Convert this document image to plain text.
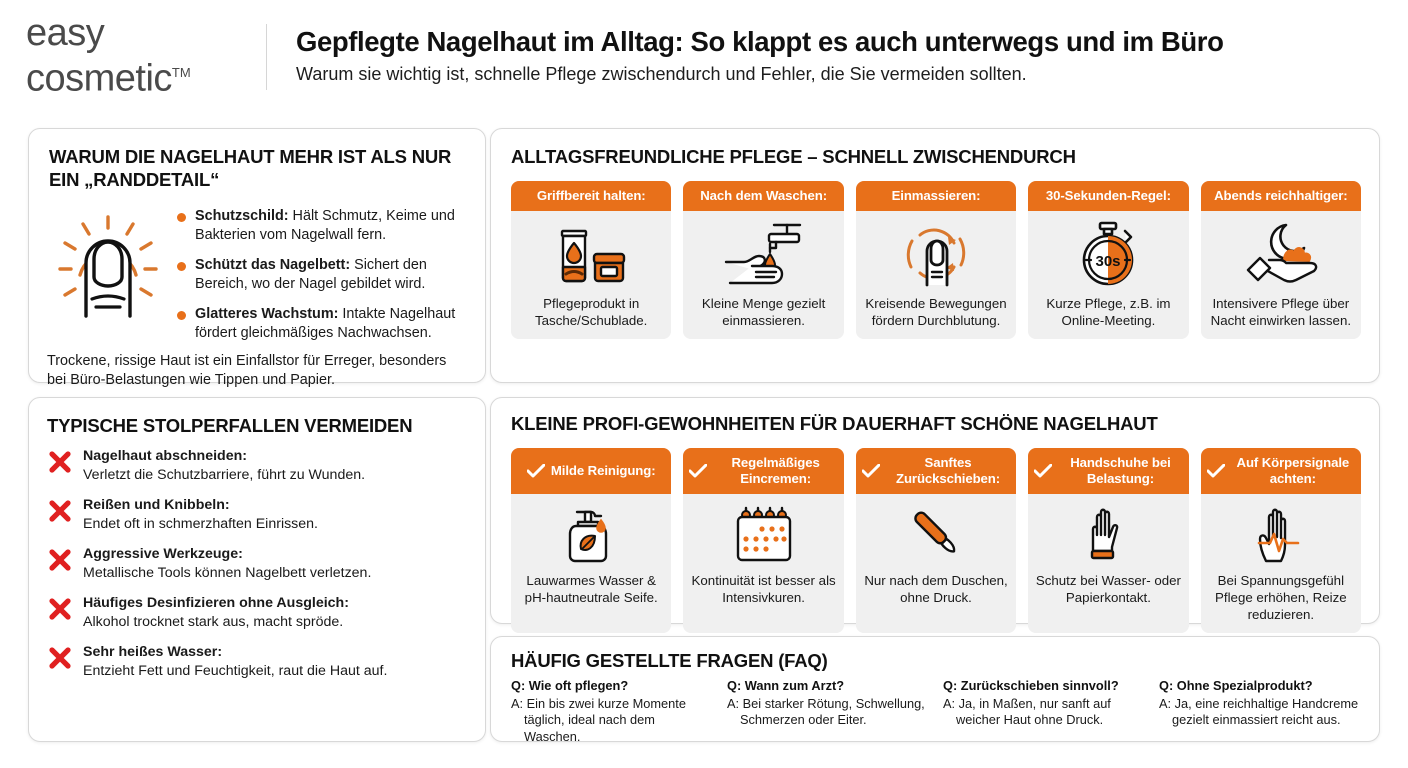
easy
cosmetic™
Gepflegte Nagelhaut im Alltag: So klappt es auch unterwegs und im Büro
Warum sie wichtig ist, schnelle Pflege zwischendurch und Fehler, die Sie vermeiden sollten.
WARUM DIE NAGELHAUT MEHR IST ALS NUR EIN „RANDDETAIL“
Schutzschild: Hält Schmutz, Keime und Bakterien vom Nagelwall fern.
Schützt das Nagelbett: Sichert den Bereich, wo der Nagel gebildet wird.
Glatteres Wachstum: Intakte Nagelhaut fördert gleichmäßiges Nachwachsen.
Trockene, rissige Haut ist ein Einfallstor für Erreger, besonders bei Büro-Belastungen wie Tippen und Papier.
TYPISCHE STOLPERFALLEN VERMEIDEN
Nagelhaut abschneiden:
Verletzt die Schutzbarriere, führt zu Wunden.
Reißen und Knibbeln:
Endet oft in schmerzhaften Einrissen.
Aggressive Werkzeuge:
Metallische Tools können Nagelbett verletzen.
Häufiges Desinfizieren ohne Ausgleich:
Alkohol trocknet stark aus, macht spröde.
Sehr heißes Wasser:
Entzieht Fett und Feuchtigkeit, raut die Haut auf.
ALLTAGSFREUNDLICHE PFLEGE – SCHNELL ZWISCHENDURCH
Griffbereit halten:
Pflegeprodukt in Tasche/Schublade.
Nach dem Waschen:
Kleine Menge gezielt einmassieren.
Einmassieren:
Kreisende Bewegungen fördern Durchblutung.
30-Sekunden-Regel:
30s
Kurze Pflege, z.B. im Online-Meeting.
Abends reichhaltiger:
Intensivere Pflege über Nacht einwirken lassen.
KLEINE PROFI-GEWOHNHEITEN FÜR DAUERHAFT SCHÖNE NAGELHAUT
Milde Reinigung:
Lauwarmes Wasser & pH-hautneutrale Seife.
Regelmäßiges Eincremen:
Kontinuität ist besser als Intensivkuren.
Sanftes Zurückschieben:
Nur nach dem Duschen, ohne Druck.
Handschuhe bei Belastung:
Schutz bei Wasser- oder Papierkontakt.
Auf Körpersignale achten:
Bei Spannungsgefühl Pflege erhöhen, Reize reduzieren.
HÄUFIG GESTELLTE FRAGEN (FAQ)
Q: Wie oft pflegen?
A: Ein bis zwei kurze Momente täglich, ideal nach dem Waschen.
Q: Wann zum Arzt?
A: Bei starker Rötung, Schwellung, Schmerzen oder Eiter.
Q: Zurückschieben sinnvoll?
A: Ja, in Maßen, nur sanft auf weicher Haut ohne Druck.
Q: Ohne Spezialprodukt?
A: Ja, eine reichhaltige Handcreme gezielt einmassiert reicht aus.
